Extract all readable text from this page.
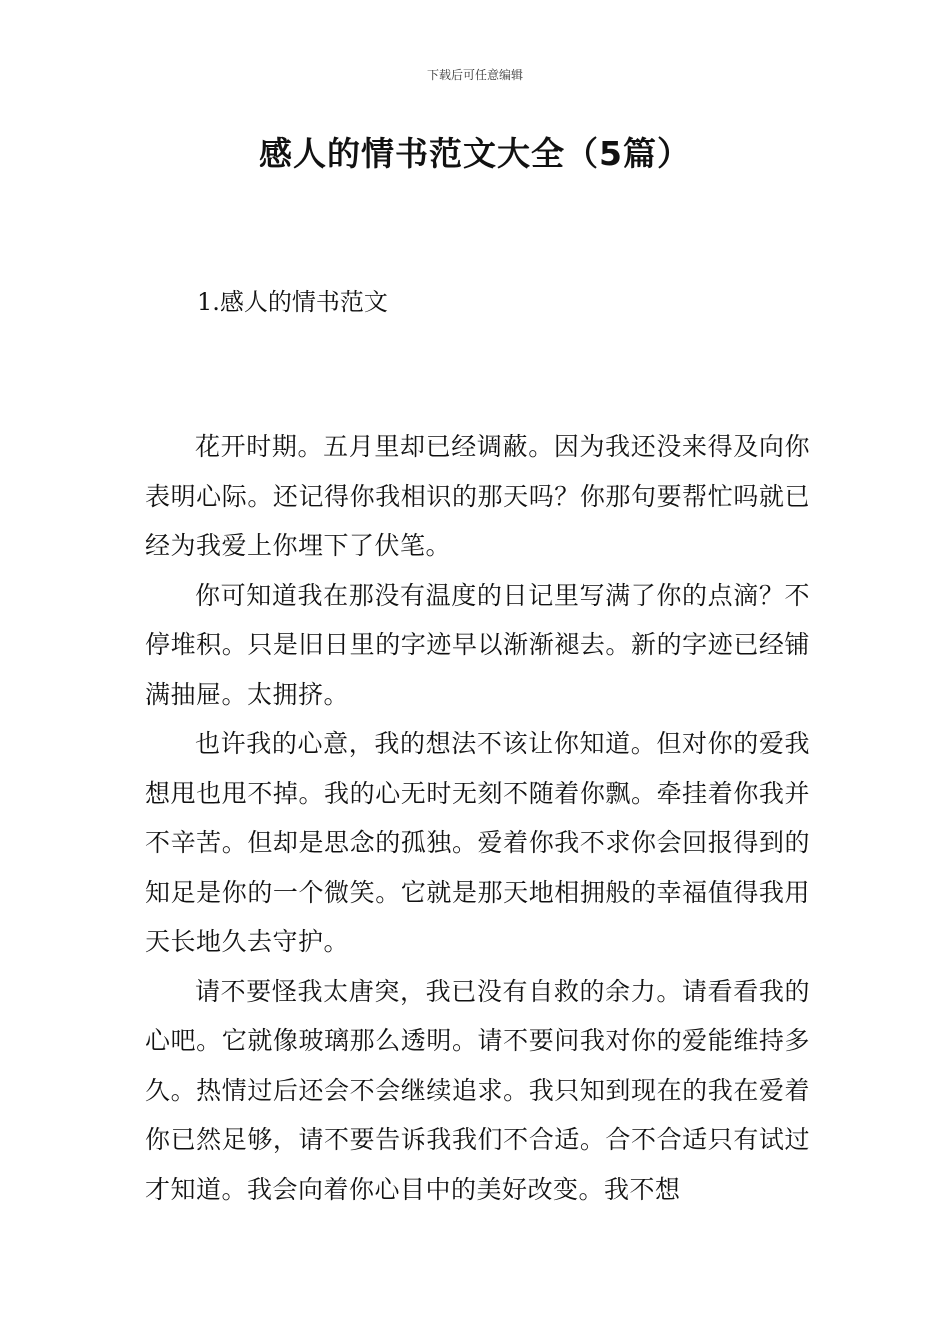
下载后可任意编辑
感人的情书范文大全（5篇）
1.感人的情书范文

花开时期。五月里却已经调蔽。因为我还没来得及向你表明心际。还记得你我相识的那天吗？你那句要帮忙吗就已经为我爱上你埋下了伏笔。

你可知道我在那没有温度的日记里写满了你的点滴？不停堆积。只是旧日里的字迹早以渐渐褪去。新的字迹已经铺满抽屉。太拥挤。

也许我的心意，我的想法不该让你知道。但对你的爱我想甩也甩不掉。我的心无时无刻不随着你飘。牵挂着你我并不辛苦。但却是思念的孤独。爱着你我不求你会回报得到的知足是你的一个微笑。它就是那天地相拥般的幸福值得我用天长地久去守护。

请不要怪我太唐突，我已没有自救的余力。请看看我的心吧。它就像玻璃那么透明。请不要问我对你的爱能维持多久。热情过后还会不会继续追求。我只知到现在的我在爱着你已然足够，请不要告诉我我们不合适。合不合适只有试过才知道。我会向着你心目中的美好改变。我不想
